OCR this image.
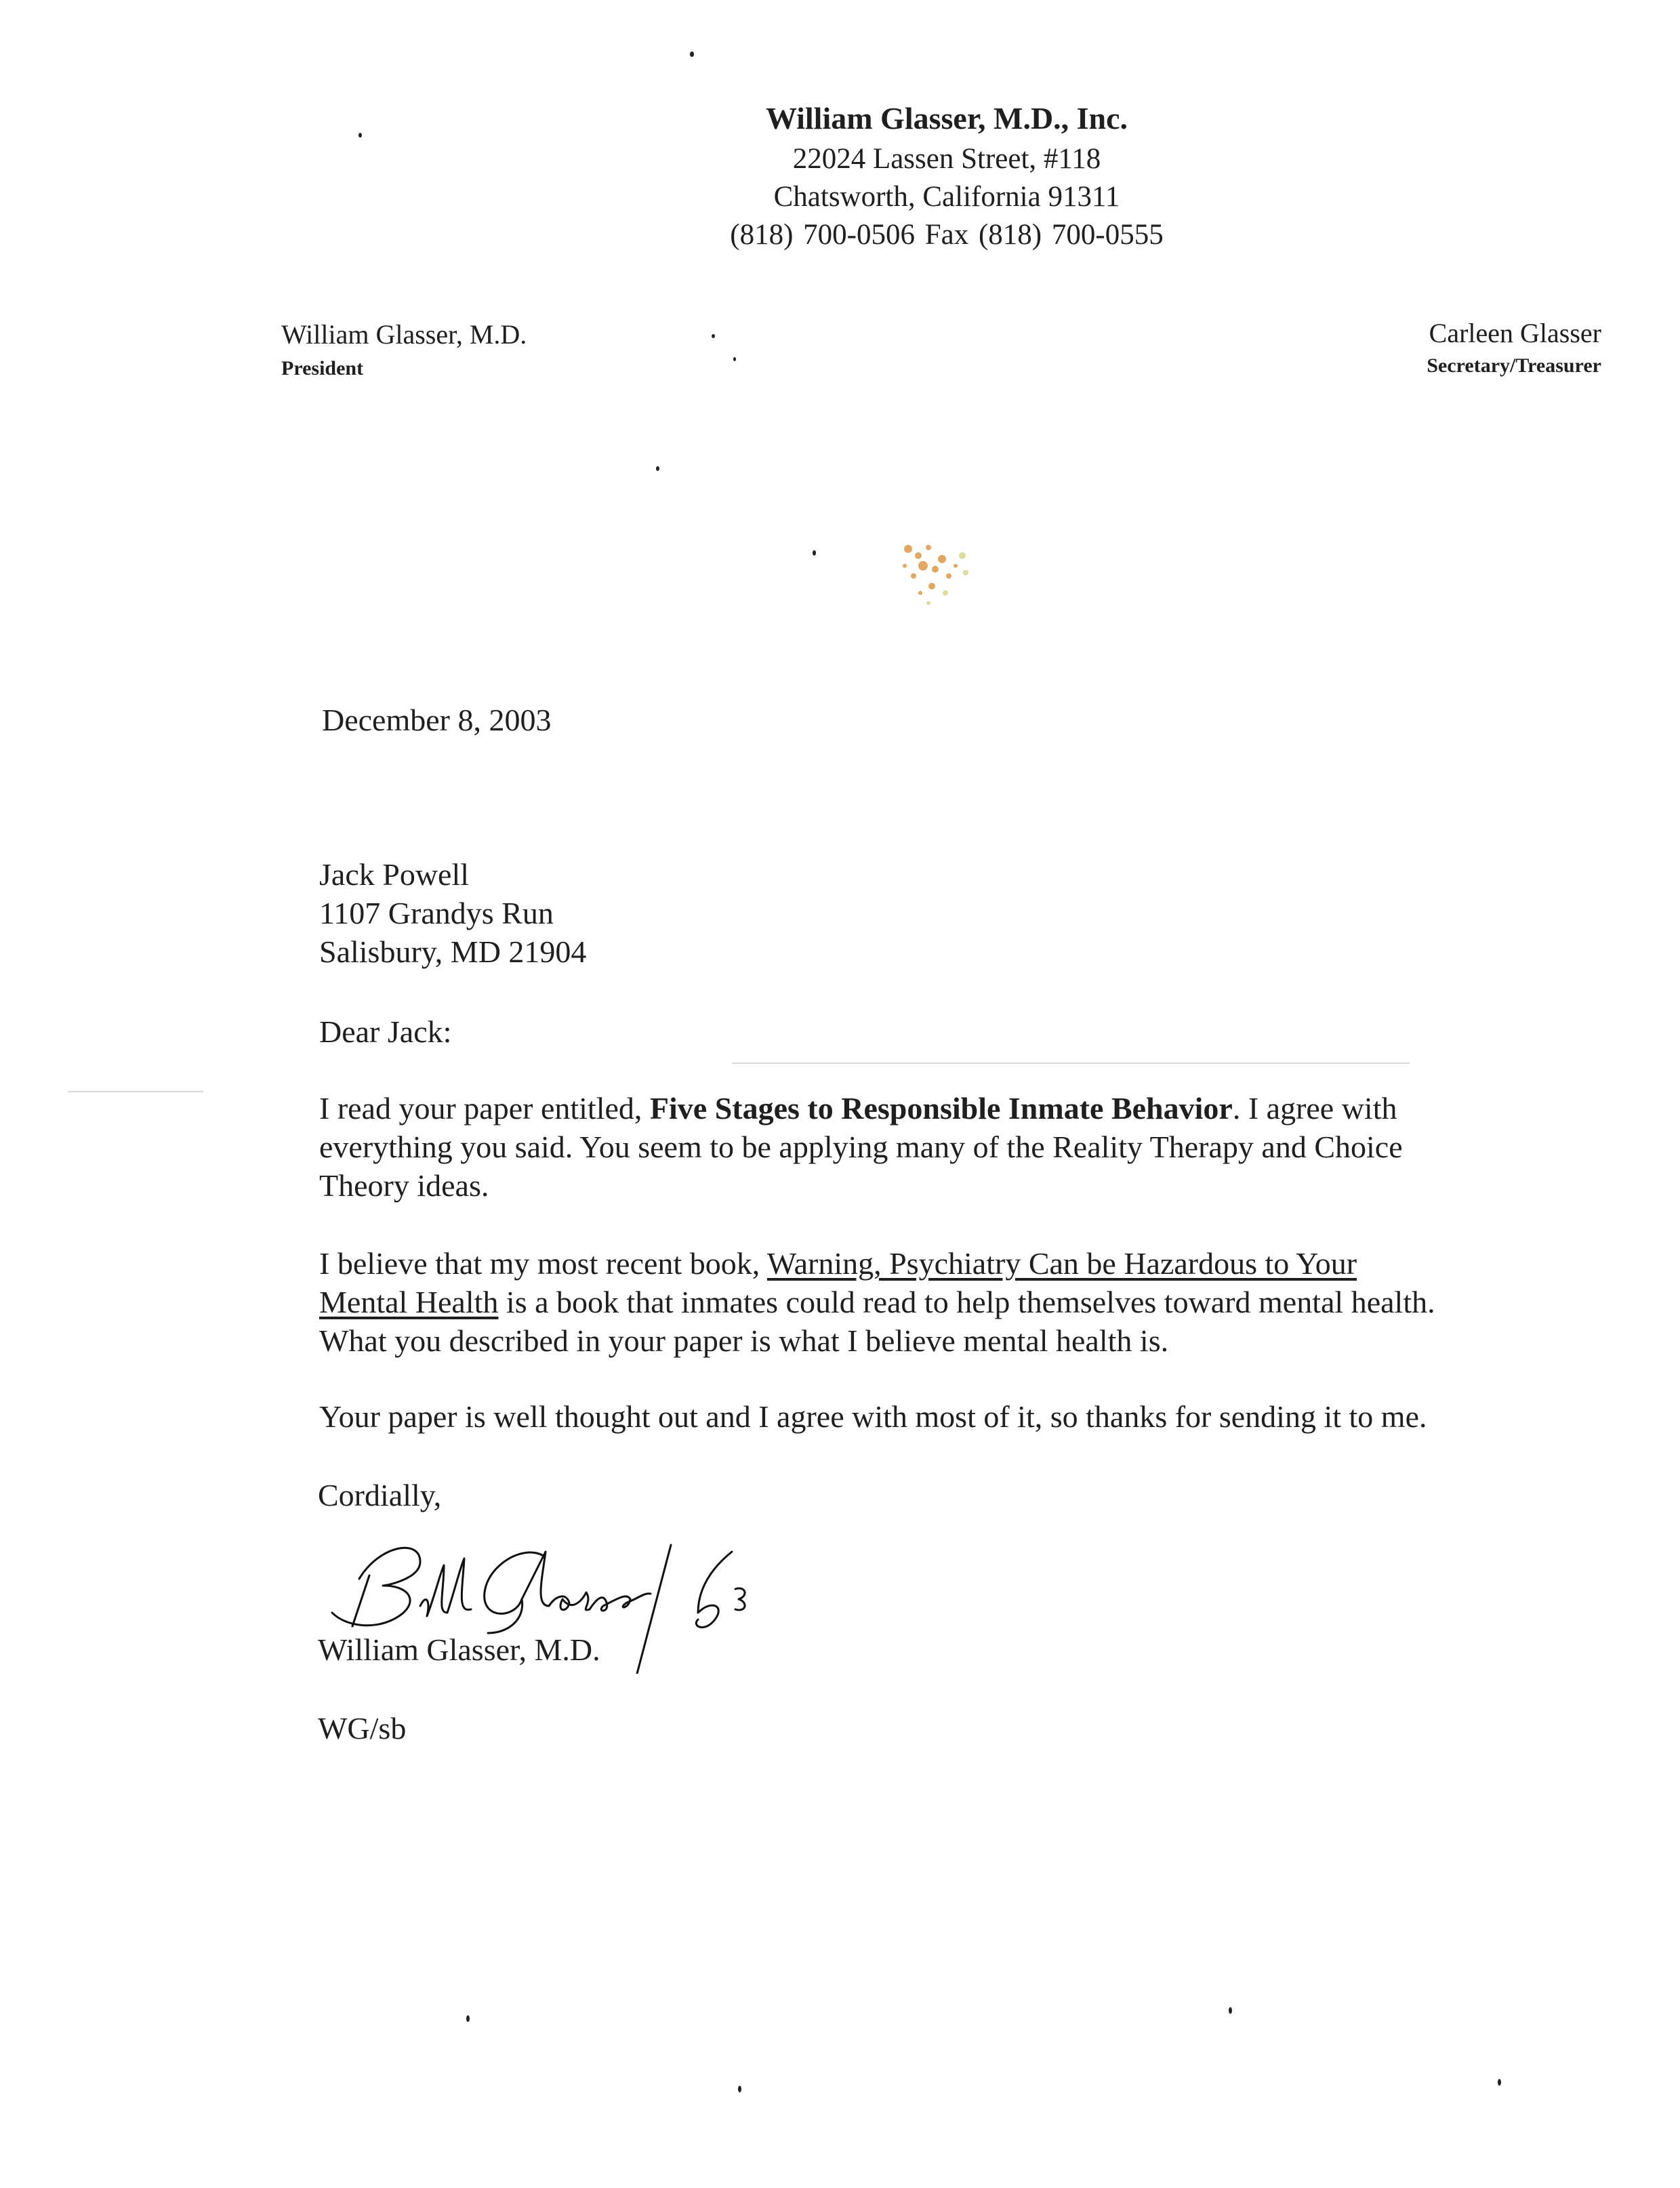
William Glasser, M.D., Inc.
22024 Lassen Street, #118
Chatsworth, California 91311
(818) 700-0506 Fax (818) 700-0555
William Glasser, M.D.
President
Carleen Glasser
Secretary/Treasurer
December 8, 2003
Jack Powell
1107 Grandys Run
Salisbury, MD 21904
Dear Jack:
I read your paper entitled, Five Stages to Responsible Inmate Behavior. I agree with
everything you said. You seem to be applying many of the Reality Therapy and Choice
Theory ideas.
I believe that my most recent book, Warning, Psychiatry Can be Hazardous to Your
Mental Health is a book that inmates could read to help themselves toward mental health.
What you described in your paper is what I believe mental health is.
Your paper is well thought out and I agree with most of it, so thanks for sending it to me.
Cordially,
William Glasser, M.D.
WG/sb
